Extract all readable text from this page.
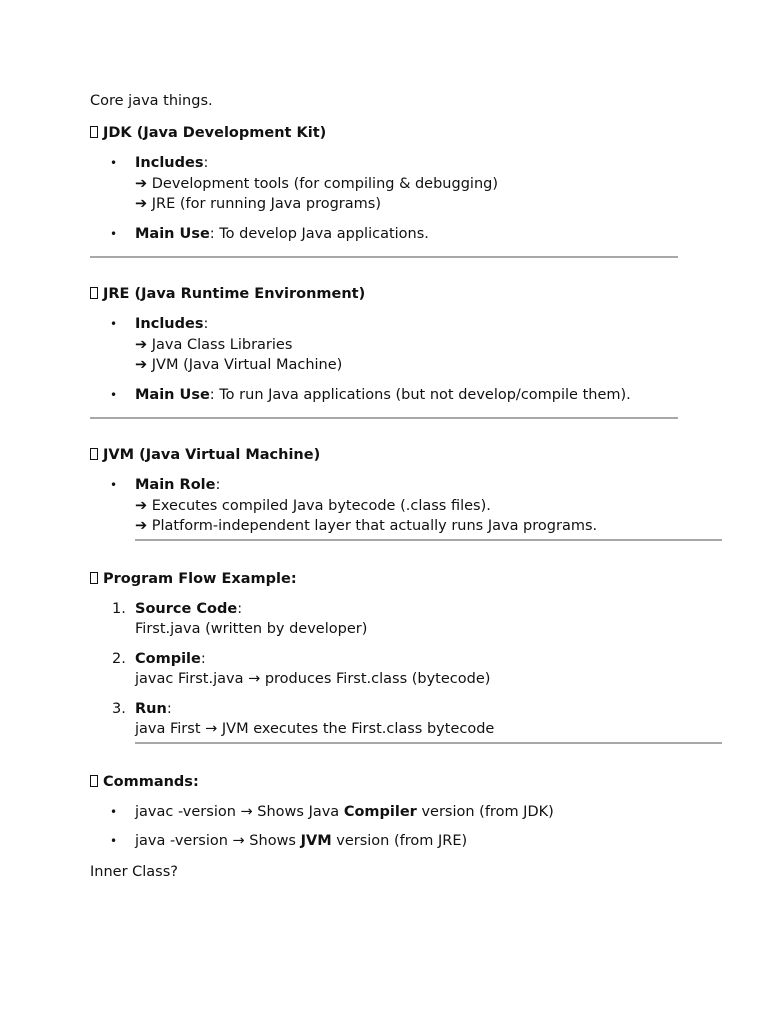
Core java things.

JDK (Java Development Kit)
• Includes:
➔ Development tools (for compiling & debugging)
➔ JRE (for running Java programs)
• Main Use: To develop Java applications.
JRE (Java Runtime Environment)
• Includes:
➔ Java Class Libraries
➔ JVM (Java Virtual Machine)
• Main Use: To run Java applications (but not develop/compile them).
JVM (Java Virtual Machine)
• Main Role:
➔ Executes compiled Java bytecode (.class files).
➔ Platform-independent layer that actually runs Java programs.
Program Flow Example:
1. Source Code:
First.java (written by developer)
2. Compile:
javac First.java → produces First.class (bytecode)
3. Run:
java First → JVM executes the First.class bytecode
Commands:
• javac -version → Shows Java Compiler version (from JDK)
• java -version → Shows JVM version (from JRE)

Inner Class?
